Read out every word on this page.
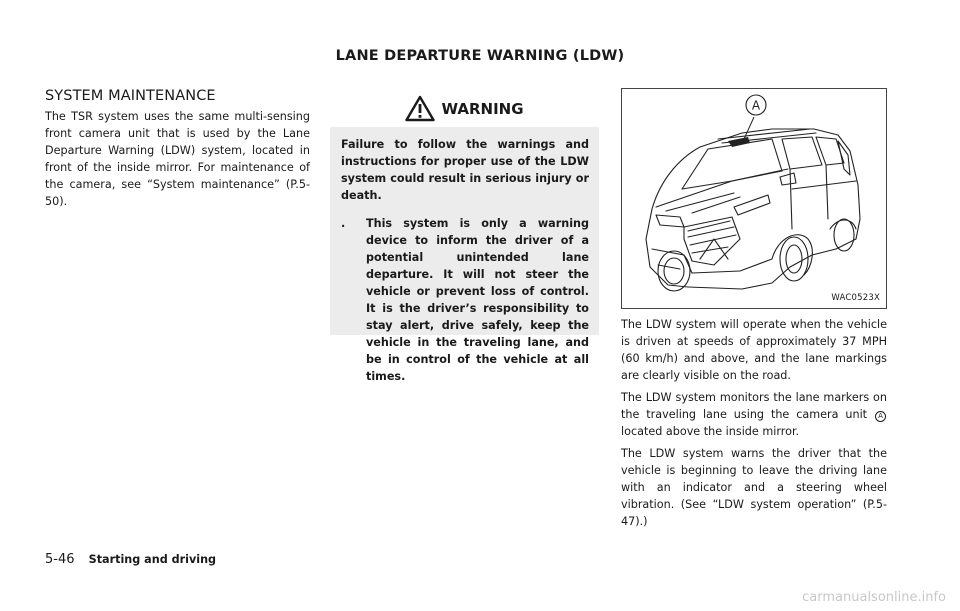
LANE DEPARTURE WARNING (LDW)
SYSTEM MAINTENANCE

The TSR system uses the same multi-sensing front camera unit that is used by the Lane Departure Warning (LDW) system, located in front of the inside mirror. For maintenance of the camera, see “System maintenance” (P.5-50).

WARNING

Failure to follow the warnings and instructions for proper use of the LDW system could result in serious injury or death.

.	This system is only a warning device to inform the driver of a potential unintended lane departure. It will not steer the vehicle or prevent loss of control. It is the driver’s responsibility to stay alert, drive safely, keep the vehicle in the traveling lane, and be in control of the vehicle at all times.
A
WAC0523X

The LDW system will operate when the vehicle is driven at speeds of approximately 37 MPH (60 km/h) and above, and the lane markings are clearly visible on the road.

The LDW system monitors the lane markers on the traveling lane using the camera unit A located above the inside mirror.

The LDW system warns the driver that the vehicle is beginning to leave the driving lane with an indicator and a steering wheel vibration. (See “LDW system operation” (P.5-47).)

5-46 Starting and driving
carmanualsonline.info
